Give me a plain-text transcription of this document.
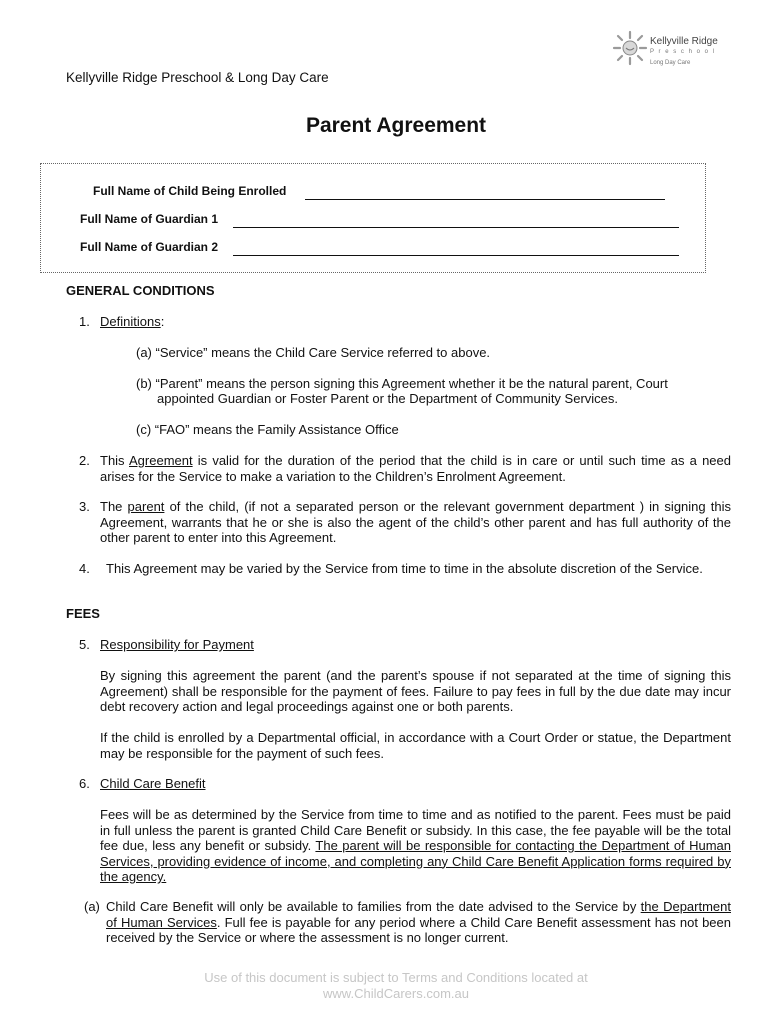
Kellyville Ridge
P r e s c h o o l
Long Day Care
Kellyville Ridge Preschool & Long Day Care
Parent Agreement
Full Name of Child Being Enrolled
Full Name of Guardian 1
Full Name of Guardian 2
GENERAL CONDITIONS
1. Definitions:
(a) “Service” means the Child Care Service referred to above.
(b) “Parent” means the person signing this Agreement whether it be the natural parent, Court
appointed Guardian or Foster Parent or the Department of Community Services.
(c) “FAO” means the Family Assistance Office
2. This Agreement is valid for the duration of the period that the child is in care or until such time as a need arises for the Service to make a variation to the Children’s Enrolment Agreement.
3. The parent of the child, (if not a separated person or the relevant government department ) in signing this Agreement, warrants that he or she is also the agent of the child’s other parent and has full authority of the other parent to enter into this Agreement.
4. This Agreement may be varied by the Service from time to time in the absolute discretion of the Service.
FEES
5. Responsibility for Payment
By signing this agreement the parent (and the parent’s spouse if not separated at the time of signing this Agreement) shall be responsible for the payment of fees. Failure to pay fees in full by the due date may incur debt recovery action and legal proceedings against one or both parents.
If the child is enrolled by a Departmental official, in accordance with a Court Order or statue, the Department may be responsible for the payment of such fees.
6. Child Care Benefit
Fees will be as determined by the Service from time to time and as notified to the parent. Fees must be paid in full unless the parent is granted Child Care Benefit or subsidy. In this case, the fee payable will be the total fee due, less any benefit or subsidy. The parent will be responsible for contacting the Department of Human Services, providing evidence of income, and completing any Child Care Benefit Application forms required by the agency.
(a) Child Care Benefit will only be available to families from the date advised to the Service by the Department of Human Services. Full fee is payable for any period where a Child Care Benefit assessment has not been received by the Service or where the assessment is no longer current.
Use of this document is subject to Terms and Conditions located at
www.ChildCarers.com.au
